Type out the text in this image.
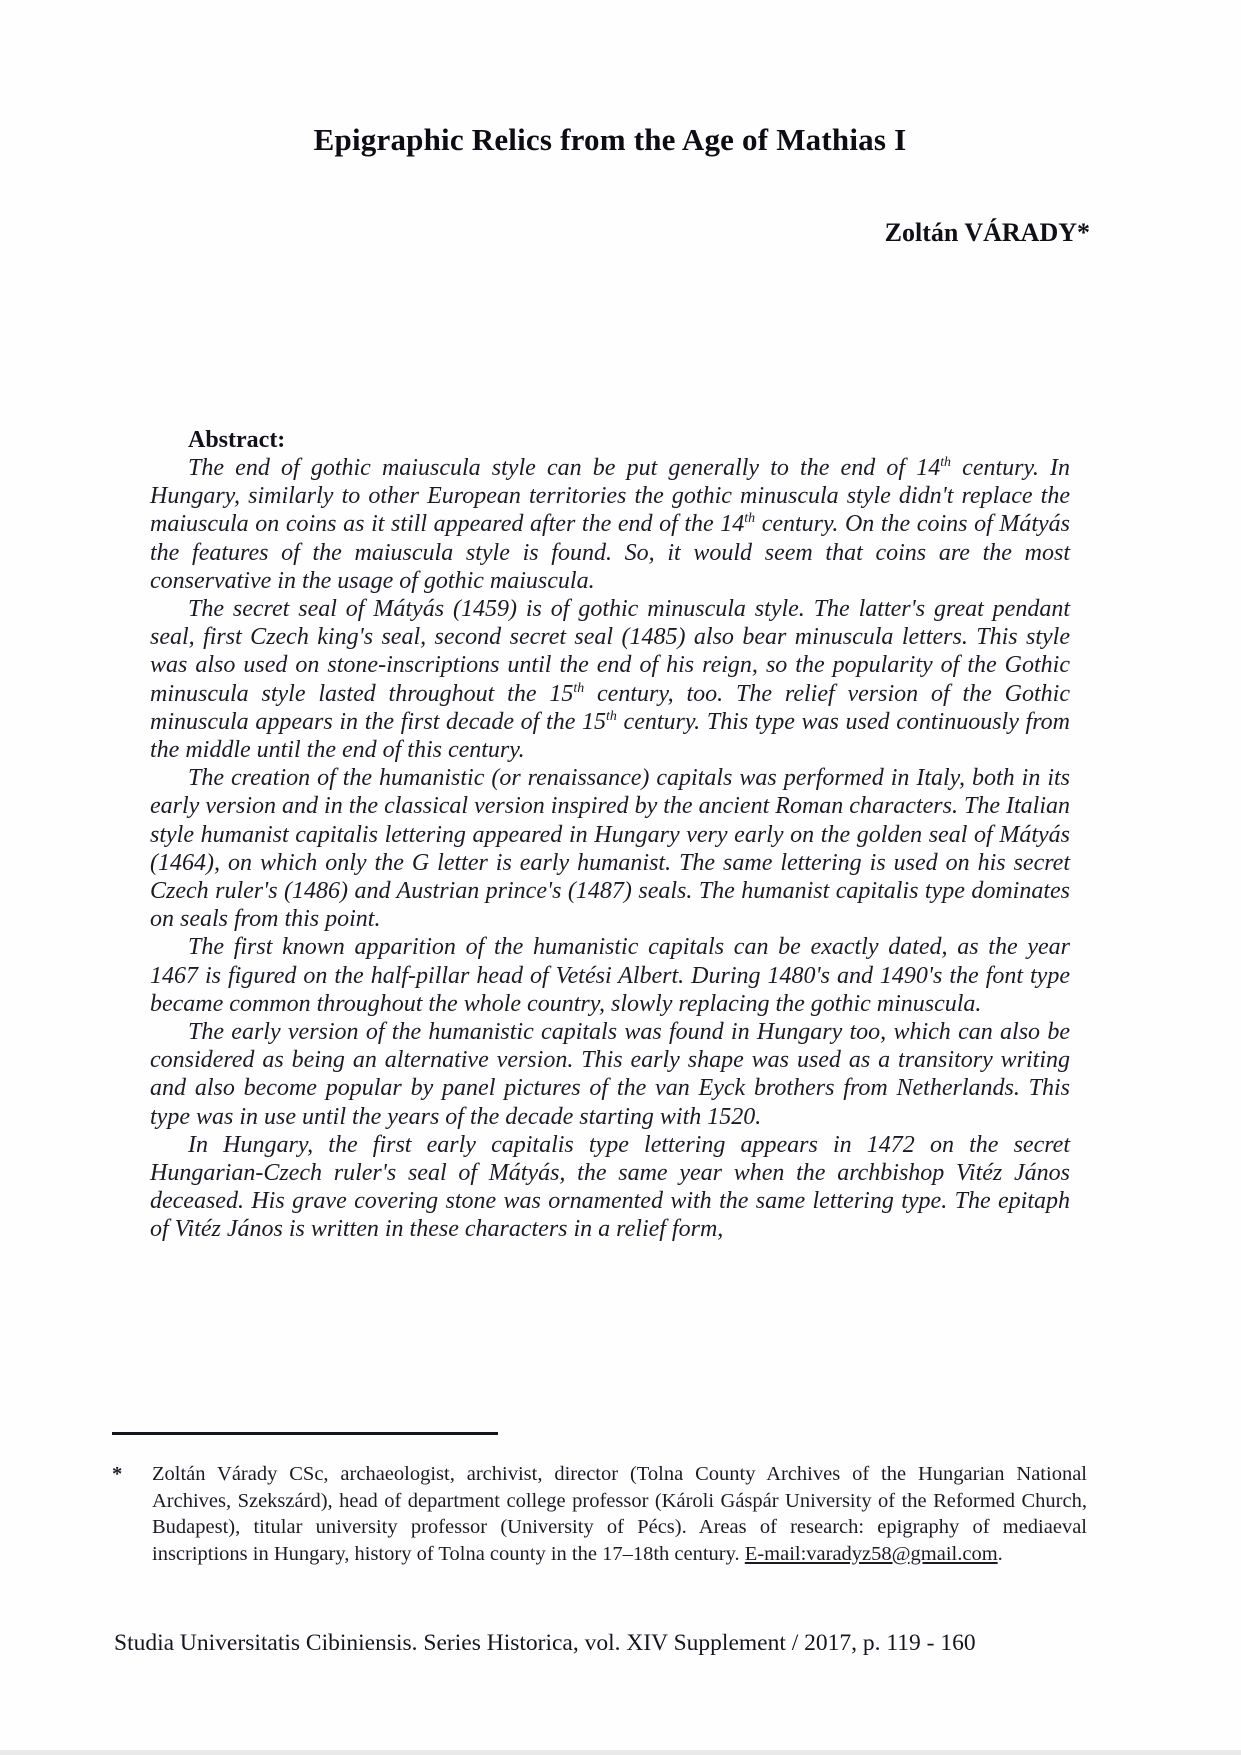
Epigraphic Relics from the Age of Mathias I
Zoltán VÁRADY*
Abstract:

The end of gothic maiuscula style can be put generally to the end of 14th century. In Hungary, similarly to other European territories the gothic minuscula style didn't replace the maiuscula on coins as it still appeared after the end of the 14th century. On the coins of Mátyás the features of the maiuscula style is found. So, it would seem that coins are the most conservative in the usage of gothic maiuscula.

The secret seal of Mátyás (1459) is of gothic minuscula style. The latter's great pendant seal, first Czech king's seal, second secret seal (1485) also bear minuscula letters. This style was also used on stone-inscriptions until the end of his reign, so the popularity of the Gothic minuscula style lasted throughout the 15th century, too. The relief version of the Gothic minuscula appears in the first decade of the 15th century. This type was used continuously from the middle until the end of this century.

The creation of the humanistic (or renaissance) capitals was performed in Italy, both in its early version and in the classical version inspired by the ancient Roman characters. The Italian style humanist capitalis lettering appeared in Hungary very early on the golden seal of Mátyás (1464), on which only the G letter is early humanist. The same lettering is used on his secret Czech ruler's (1486) and Austrian prince's (1487) seals. The humanist capitalis type dominates on seals from this point.

The first known apparition of the humanistic capitals can be exactly dated, as the year 1467 is figured on the half-pillar head of Vetési Albert. During 1480's and 1490's the font type became common throughout the whole country, slowly replacing the gothic minuscula.

The early version of the humanistic capitals was found in Hungary too, which can also be considered as being an alternative version. This early shape was used as a transitory writing and also become popular by panel pictures of the van Eyck brothers from Netherlands. This type was in use until the years of the decade starting with 1520.

In Hungary, the first early capitalis type lettering appears in 1472 on the secret Hungarian-Czech ruler's seal of Mátyás, the same year when the archbishop Vitéz János deceased. His grave covering stone was ornamented with the same lettering type. The epitaph of Vitéz János is written in these characters in a relief form,

*	Zoltán Várady CSc, archaeologist, archivist, director (Tolna County Archives of the Hungarian National Archives, Szekszárd), head of department college professor (Károli Gáspár University of the Reformed Church, Budapest), titular university professor (University of Pécs). Areas of research: epigraphy of mediaeval inscriptions in Hungary, history of Tolna county in the 17–18th century. E-mail:varadyz58@gmail.com.
Studia Universitatis Cibiniensis. Series Historica, vol. XIV Supplement / 2017, p. 119 - 160
